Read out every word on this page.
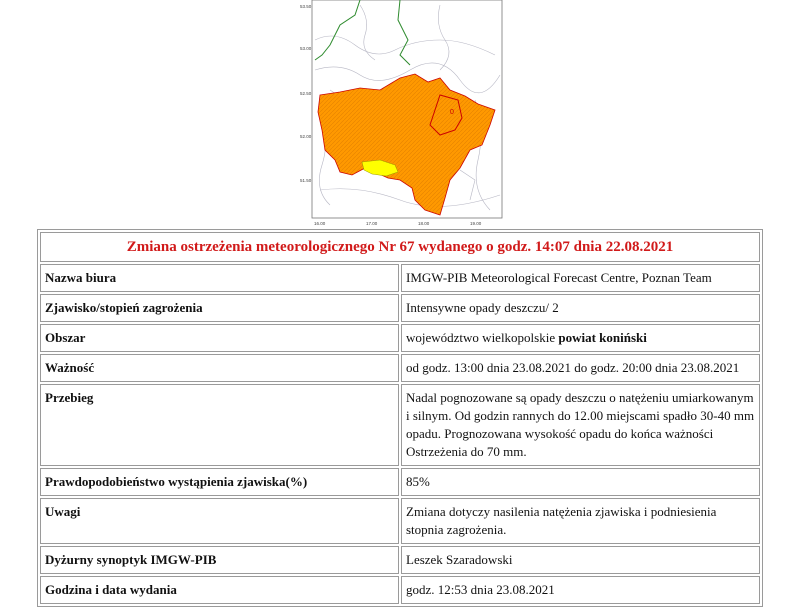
0
53.50
53.00
52.50
52.00
51.50
16.00	17.00	18.00	19.00
Zmiana ostrzeżenia meteorologicznego Nr 67 wydanego o godz. 14:07 dnia 22.08.2021	
Nazwa biura	IMGW-PIB Meteorological Forecast Centre, Poznan Team
Zjawisko/stopień zagrożenia	Intensywne opady deszczu/ 2
Obszar	województwo wielkopolskie powiat koniński
Ważność	od godz. 13:00 dnia 23.08.2021 do godz. 20:00 dnia 23.08.2021
Przebieg	Nadal pognozowane są opady deszczu o natężeniu umiarkowanym i silnym. Od godzin rannych do 12.00 miejscami spadło 30-40 mm opadu. Prognozowana wysokość opadu do końca ważności Ostrzeżenia do 70 mm.
Prawdopodobieństwo wystąpienia zjawiska(%)	85%
Uwagi	Zmiana dotyczy nasilenia natężenia zjawiska i podniesienia stopnia zagrożenia.
Dyżurny synoptyk IMGW-PIB	Leszek Szaradowski
Godzina i data wydania	godz. 12:53 dnia 23.08.2021
